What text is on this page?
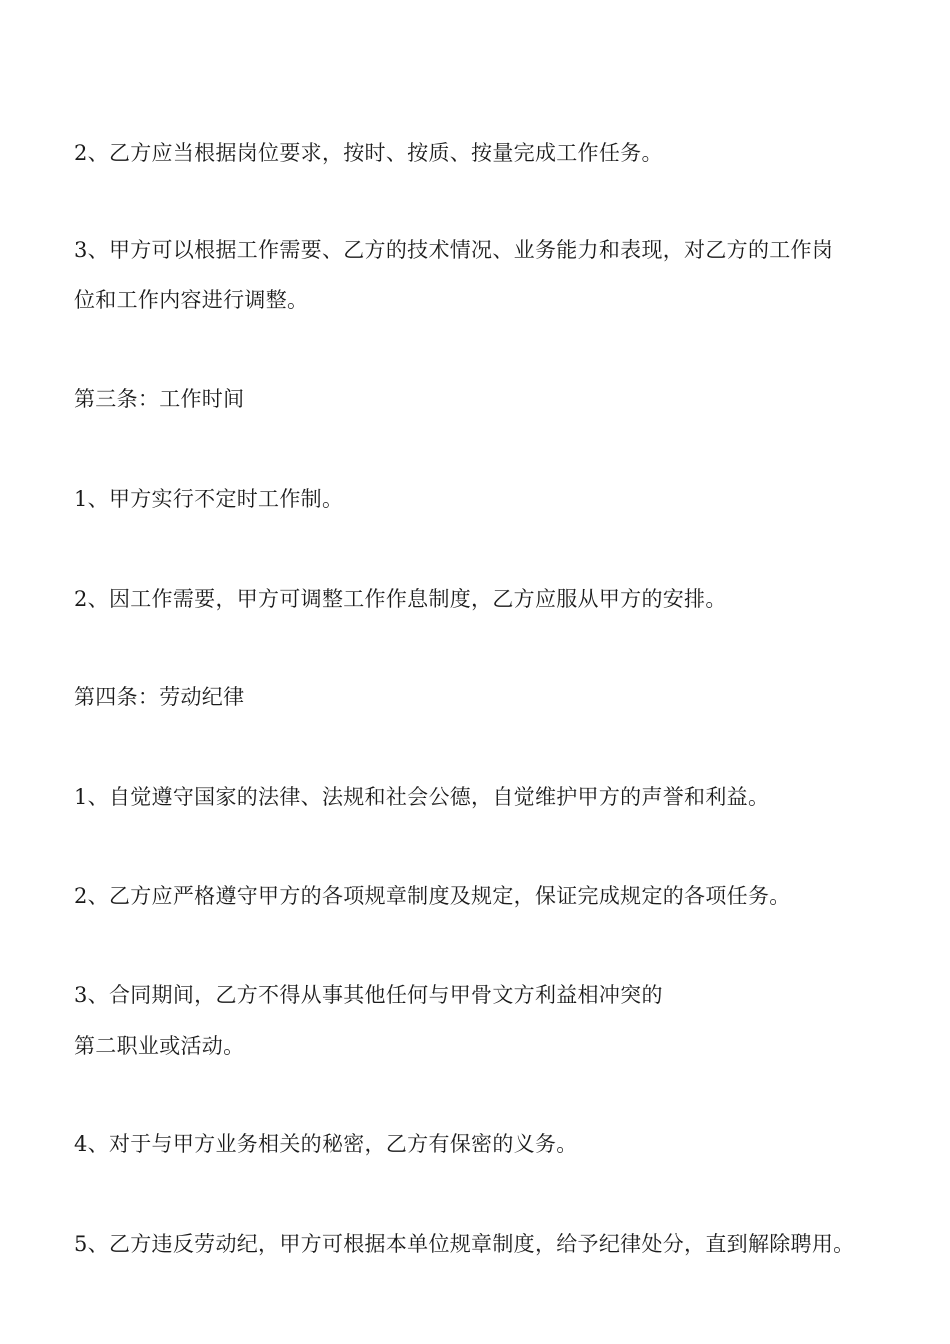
2、乙方应当根据岗位要求，按时、按质、按量完成工作任务。

3、甲方可以根据工作需要、乙方的技术情况、业务能力和表现，对乙方的工作岗

位和工作内容进行调整。

第三条：工作时间

1、甲方实行不定时工作制。

2、因工作需要，甲方可调整工作作息制度，乙方应服从甲方的安排。

第四条：劳动纪律

1、自觉遵守国家的法律、法规和社会公德，自觉维护甲方的声誉和利益。

2、乙方应严格遵守甲方的各项规章制度及规定，保证完成规定的各项任务。

3、合同期间，乙方不得从事其他任何与甲骨文方利益相冲突的

第二职业或活动。

4、对于与甲方业务相关的秘密，乙方有保密的义务。

5、乙方违反劳动纪，甲方可根据本单位规章制度，给予纪律处分，直到解除聘用。
